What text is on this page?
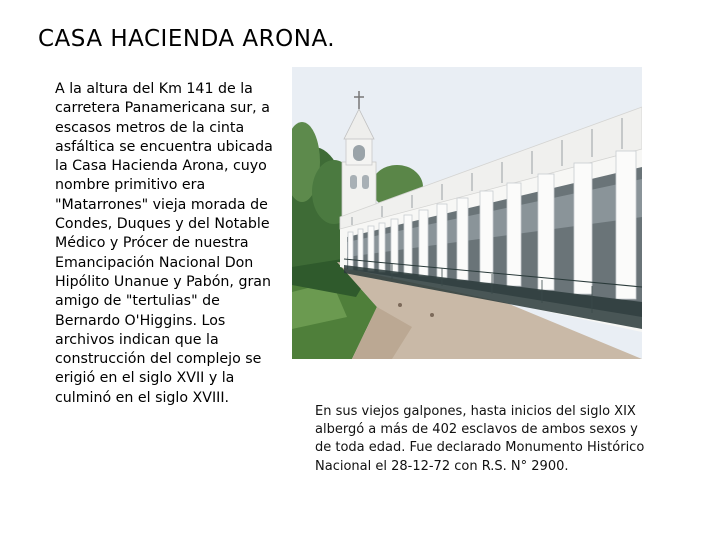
CASA HACIENDA ARONA.
A la altura del Km 141 de la carretera Panamericana sur, a escasos metros de la cinta asfáltica se encuentra ubicada la Casa Hacienda Arona, cuyo nombre primitivo era "Matarrones" vieja morada de Condes, Duques y del Notable Médico y Prócer de nuestra Emancipación Nacional Don Hipólito Unanue y Pabón, gran amigo de "tertulias" de Bernardo O'Higgins. Los archivos indican que la construcción del complejo se erigió en el siglo XVII y la culminó en el siglo XVIII.
En sus viejos galpones, hasta inicios del siglo XIX albergó a más de 402 esclavos de ambos sexos y de toda edad. Fue declarado Monumento Histórico Nacional el 28-12-72 con R.S. N° 2900.
